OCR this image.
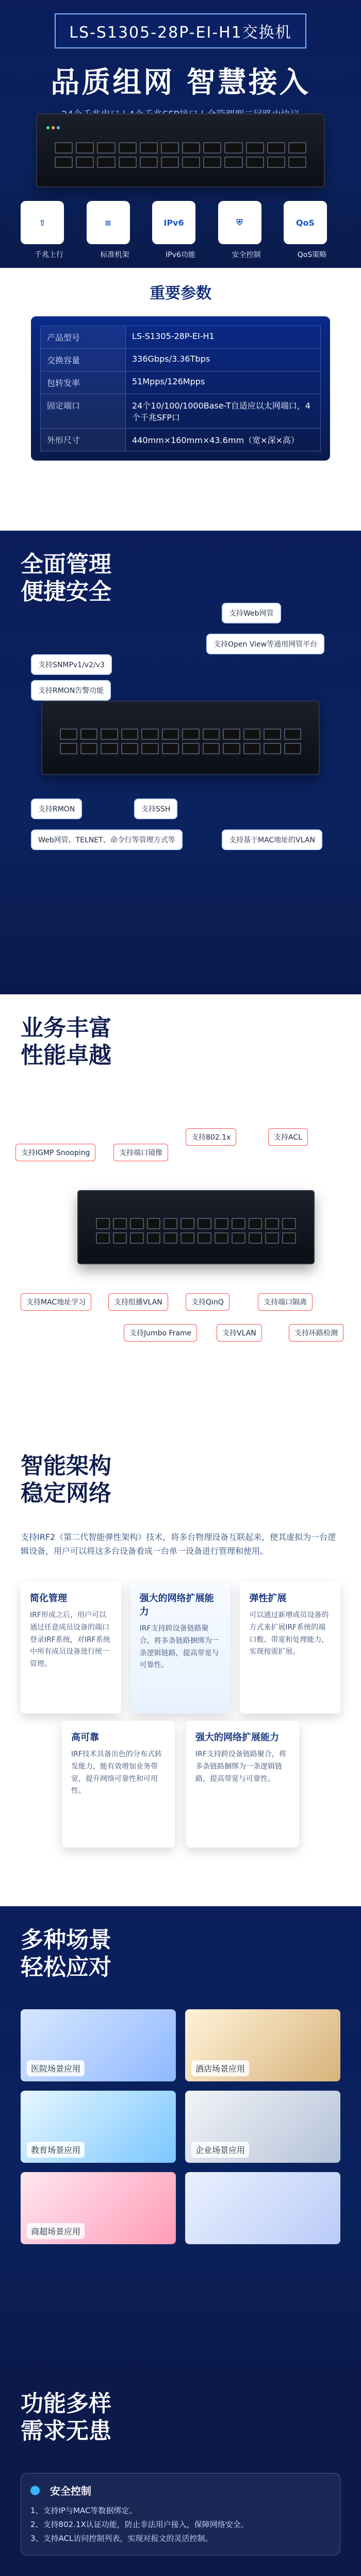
LS-S1305-28P-EI-H1交换机
品质组网 智慧接入
⇧
千兆上行
≡
标准机架
IPv6
IPv6功能
⛨
安全控制
QoS
QoS策略
重要参数
产品型号	LS-S1305-28P-EI-H1
交换容量	336Gbps/3.36Tbps
包转发率	51Mpps/126Mpps
固定端口	24个10/100/1000Base-T自适应以太网端口，4个千兆SFP口
外形尺寸	440mm×160mm×43.6mm（宽×深×高）
全面管理
便捷安全
支持SNMPv1/v2/v3
支持Web网管
支持RMON告警功能
支持Open View等通用网管平台
支持RMON	支持SSH
Web网管、TELNET、命令行等管理方式等	支持基于MAC地址的VLAN
业务丰富
性能卓越
支持IGMP Snooping	支持端口镜像
支持802.1x	支持ACL
支持MAC地址学习	支持组播VLAN	支持QinQ	支持端口隔离
支持Jumbo Frame	支持VLAN	支持环路检测
智能架构
稳定网络
支持IRF2（第二代智能弹性架构）技术，将多台物理设备互联起来，使其虚拟为一台逻辑设备，用户可以将这多台设备看成一台单一设备进行管理和使用。
简化管理
IRF形成之后，用户可以通过任意成员设备的端口登录IRF系统，对IRF系统中所有成员设备进行统一管理。
强大的网络扩展能力
IRF支持跨设备链路聚合，将多条链路捆绑为一条逻辑链路，提高带宽与可靠性。
弹性扩展
可以通过新增成员设备的方式来扩展IRF系统的端口数、带宽和处理能力，实现按需扩展。
高可靠
IRF技术具备出色的分布式转发能力，能有效增加业务带宽，提升网络可靠性和可用性。
强大的网络扩展能力
IRF支持跨设备链路聚合，将多条链路捆绑为一条逻辑链路，提高带宽与可靠性。
多种场景
轻松应对
医院场景应用	酒店场景应用
教育场景应用	企业场景应用
商超场景应用
功能多样
需求无患
安全控制
1、支持IP与MAC等数据绑定。
2、支持802.1X认证功能，防止非法用户接入，保障网络安全。
3、支持ACL访问控制列表，实现对报文的灵活控制。
